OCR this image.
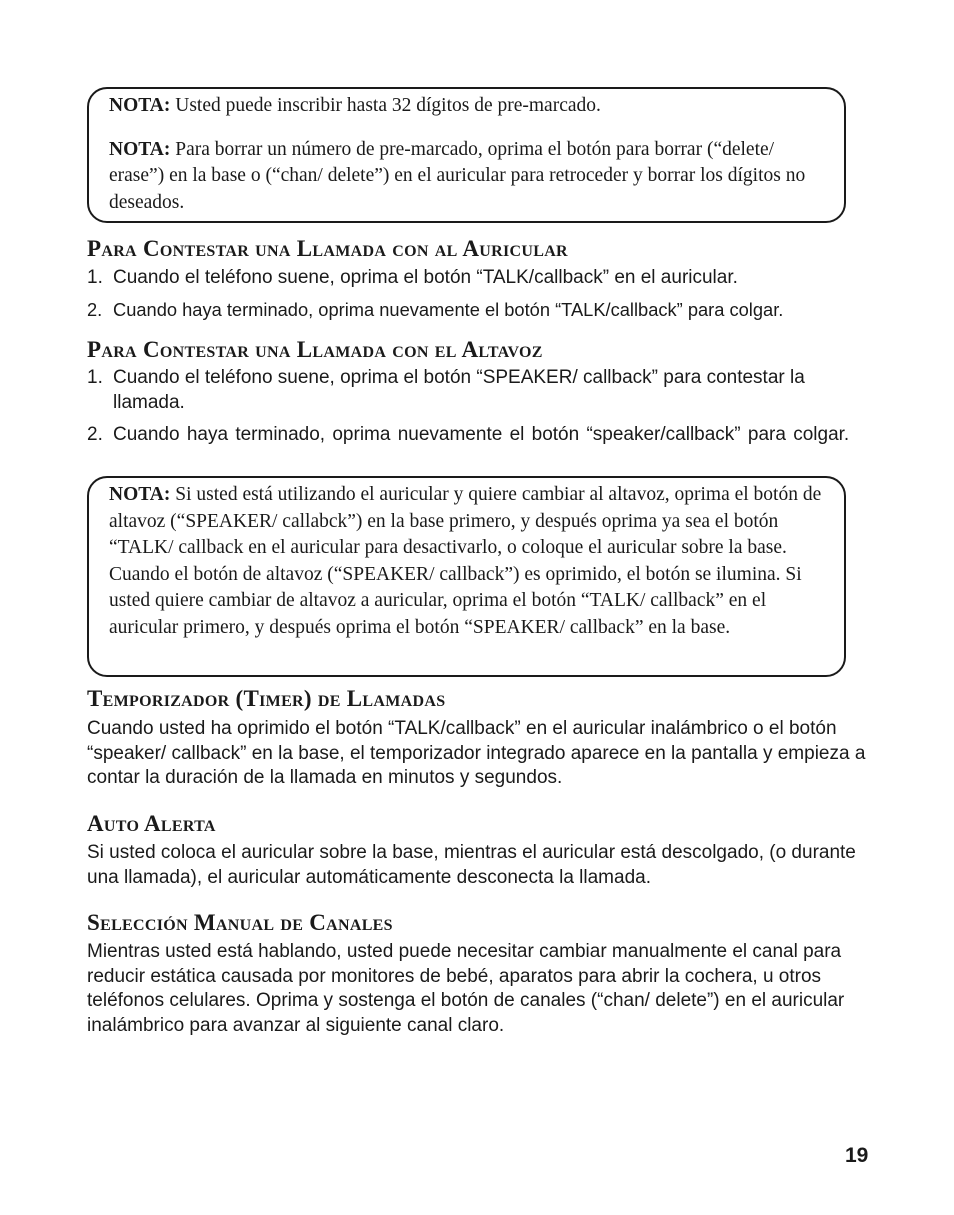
NOTA: Usted puede inscribir hasta 32 dígitos de pre-marcado.

NOTA: Para borrar un número de pre-marcado, oprima el botón para borrar (“delete/ erase”) en la base o (“chan/ delete”) en el auricular para retroceder y borrar los dígitos no deseados.

Para Contestar una Llamada con al Auricular
1. Cuando el teléfono suene, oprima el botón “TALK/callback” en el auricular.
2. Cuando haya terminado, oprima nuevamente el botón “TALK/callback” para colgar.
Para Contestar una Llamada con el Altavoz
1. Cuando el teléfono suene, oprima el botón “SPEAKER/ callback” para contestar la llamada.
2. Cuando haya terminado, oprima nuevamente el botón “speaker/callback” para colgar.

NOTA: Si usted está utilizando el auricular y quiere cambiar al altavoz, oprima el botón de altavoz (“SPEAKER/ callabck”) en la base primero, y después oprima ya sea el botón “TALK/ callback en el auricular para desactivarlo, o coloque el auricular sobre la base. Cuando el botón de altavoz (“SPEAKER/ callback”) es oprimido, el botón se ilumina. Si usted quiere cambiar de altavoz a auricular, oprima el botón “TALK/ callback” en el auricular primero, y después oprima el botón “SPEAKER/ callback” en la base.

Temporizador (Timer) de Llamadas

Cuando usted ha oprimido el botón “TALK/callback” en el auricular inalámbrico o el botón “speaker/ callback” en la base, el temporizador integrado aparece en la pantalla y empieza a contar la duración de la llamada en minutos y segundos.

Auto Alerta

Si usted coloca el auricular sobre la base, mientras el auricular está descolgado, (o durante una llamada), el auricular automáticamente desconecta la llamada.

Selección Manual de Canales

Mientras usted está hablando, usted puede necesitar cambiar manualmente el canal para reducir estática causada por monitores de bebé, aparatos para abrir la cochera, u otros teléfonos celulares. Oprima y sostenga el botón de canales (“chan/ delete”) en el auricular inalámbrico para avanzar al siguiente canal claro.

19
